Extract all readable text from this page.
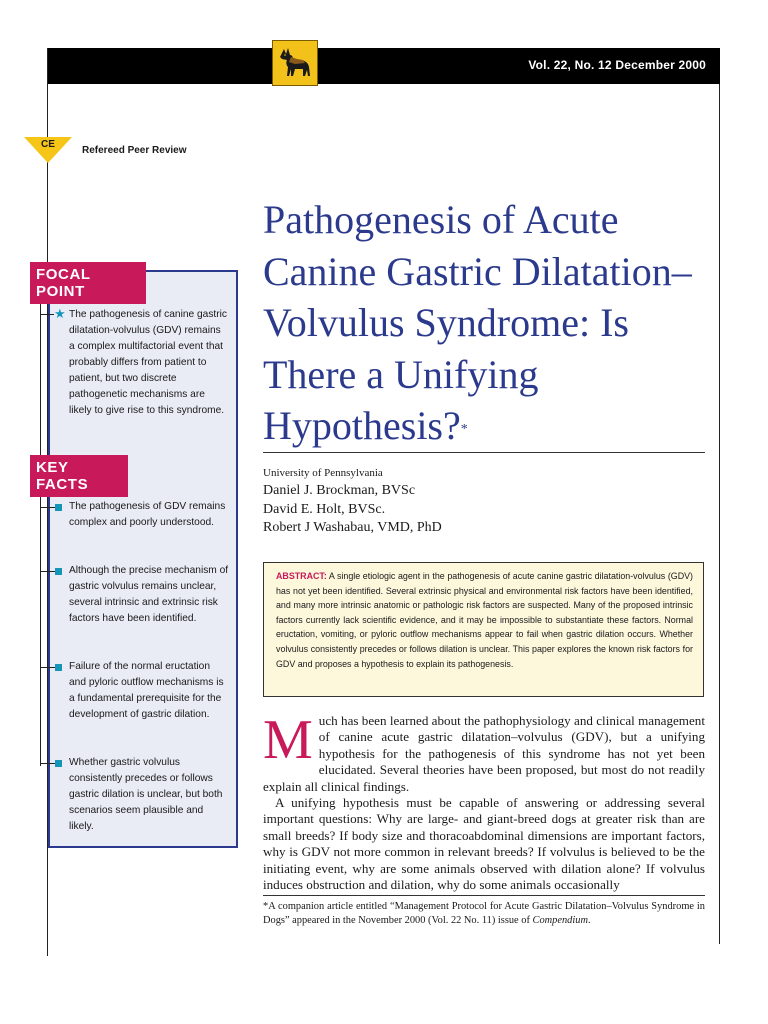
Vol. 22, No. 12 December 2000
CE
Refereed Peer Review
FOCAL POINT
★ The pathogenesis of canine gastric dilatation-volvulus (GDV) remains a complex multifactorial event that probably differs from patient to patient, but two discrete pathogenetic mechanisms are likely to give rise to this syndrome.
KEY FACTS
The pathogenesis of GDV remains complex and poorly understood.
Although the precise mechanism of gastric volvulus remains unclear, several intrinsic and extrinsic risk factors have been identified.
Failure of the normal eructation and pyloric outflow mechanisms is a fundamental prerequisite for the development of gastric dilation.
Whether gastric volvulus consistently precedes or follows gastric dilation is unclear, but both scenarios seem plausible and likely.
Pathogenesis of Acute Canine Gastric Dilatation–Volvulus Syndrome: Is There a Unifying Hypothesis?*
University of Pennsylvania
Daniel J. Brockman, BVSc
David E. Holt, BVSc.
Robert J Washabau, VMD, PhD
ABSTRACT: A single etiologic agent in the pathogenesis of acute canine gastric dilatation-volvulus (GDV) has not yet been identified. Several extrinsic physical and environmental risk factors have been identified, and many more intrinsic anatomic or pathologic risk factors are suspected. Many of the proposed intrinsic factors currently lack scientific evidence, and it may be impossible to substantiate these factors. Normal eructation, vomiting, or pyloric outflow mechanisms appear to fail when gastric dilation occurs. Whether volvulus consistently precedes or follows dilation is unclear. This paper explores the known risk factors for GDV and proposes a hypothesis to explain its pathogenesis.

Much has been learned about the pathophysiology and clinical management of canine acute gastric dilatation–volvulus (GDV), but a unifying hypothesis for the pathogenesis of this syndrome has not yet been elucidated. Several theories have been proposed, but most do not readily explain all clinical findings.

A unifying hypothesis must be capable of answering or addressing several important questions: Why are large- and giant-breed dogs at greater risk than are small breeds? If body size and thoracoabdominal dimensions are important factors, why is GDV not more common in relevant breeds? If volvulus is believed to be the initiating event, why are some animals observed with dilation alone? If volvulus induces obstruction and dilation, why do some animals occasionally

*A companion article entitled “Management Protocol for Acute Gastric Dilatation–Volvulus Syndrome in Dogs” appeared in the November 2000 (Vol. 22 No. 11) issue of Compendium.
